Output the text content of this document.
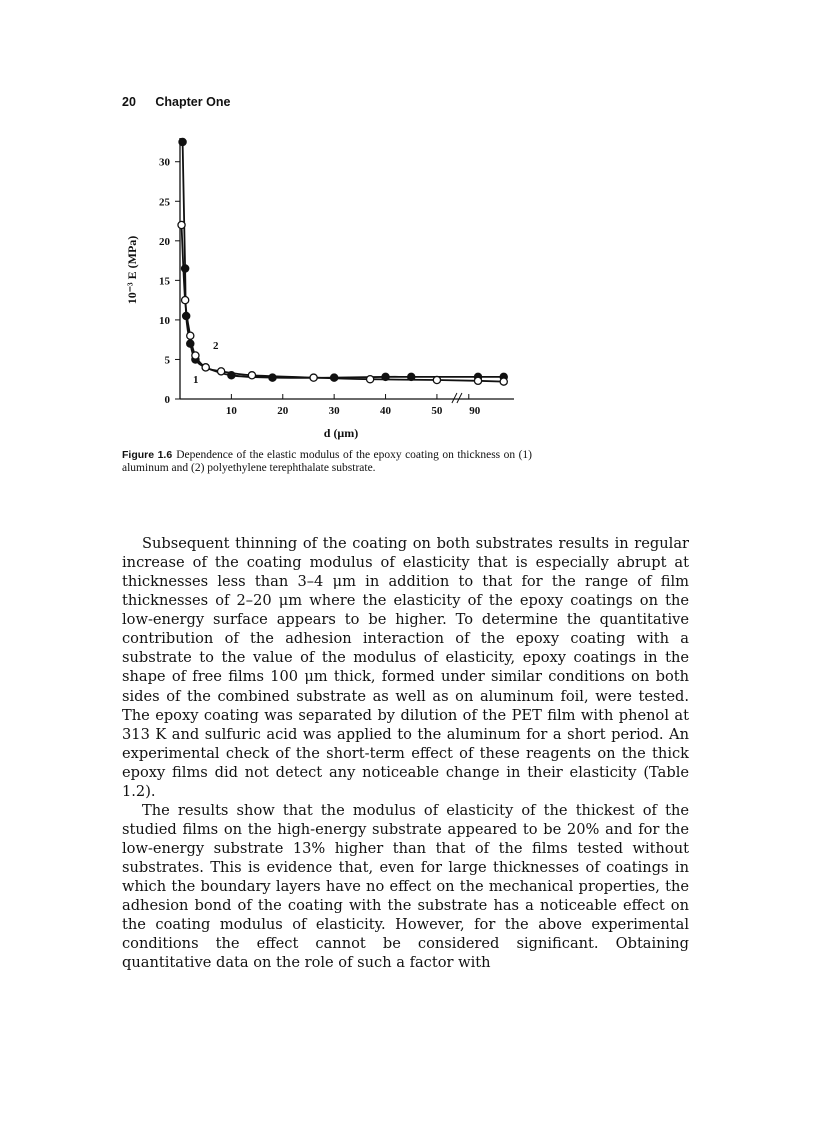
20 Chapter One
0
5
10
15
20
25
30
10	20	30	40	50 90
d (μm)
10⁻³ E (MPa)
1
2
Figure 1.6 Dependence of the elastic modulus of the epoxy coating on thickness on (1) aluminum and (2) polyethylene terephthalate substrate.

Subsequent thinning of the coating on both substrates results in regular increase of the coating modulus of elasticity that is especially abrupt at thicknesses less than 3–4 μm in addition to that for the range of film thicknesses of 2–20 μm where the elasticity of the epoxy coatings on the low-energy surface appears to be higher. To determine the quantitative contribution of the adhesion interaction of the epoxy coating with a substrate to the value of the modulus of elasticity, epoxy coatings in the shape of free films 100 μm thick, formed under similar conditions on both sides of the combined substrate as well as on aluminum foil, were tested. The epoxy coating was separated by dilution of the PET film with phenol at 313 K and sulfuric acid was applied to the aluminum for a short period. An experimental check of the short-term effect of these reagents on the thick epoxy films did not detect any noticeable change in their elasticity (Table 1.2).

The results show that the modulus of elasticity of the thickest of the studied films on the high-energy substrate appeared to be 20% and for the low-energy substrate 13% higher than that of the films tested without substrates. This is evidence that, even for large thicknesses of coatings in which the boundary layers have no effect on the mechanical properties, the adhesion bond of the coating with the substrate has a noticeable effect on the coating modulus of elasticity. However, for the above experimental conditions the effect cannot be considered significant. Obtaining quantitative data on the role of such a factor with
